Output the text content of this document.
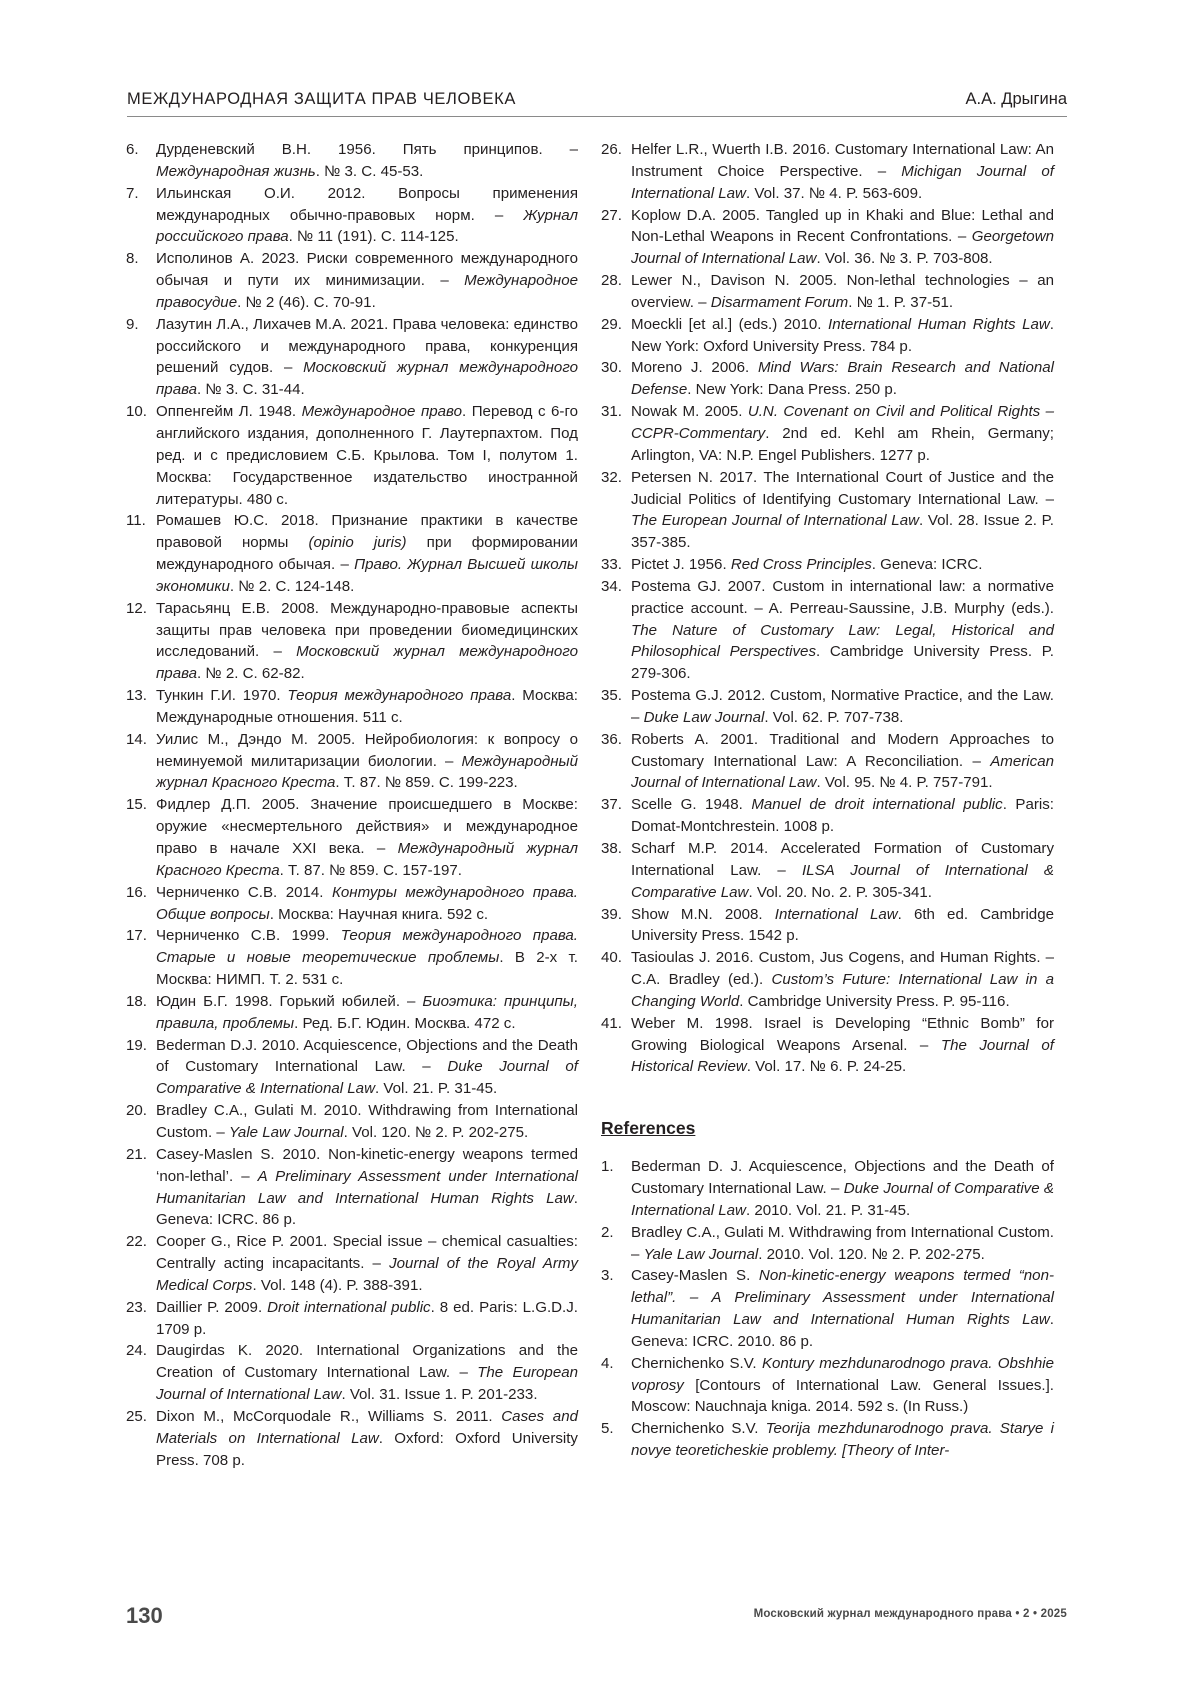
МЕЖДУНАРОДНАЯ ЗАЩИТА ПРАВ ЧЕЛОВЕКА	А.А. Дрыгина
6. Дурденевский В.Н. 1956. Пять принципов. – Международная жизнь. № 3. С. 45-53.
7. Ильинская О.И. 2012. Вопросы применения международных обычно-правовых норм. – Журнал российского права. № 11 (191). С. 114-125.
8. Исполинов А. 2023. Риски современного международного обычая и пути их минимизации. – Международное правосудие. № 2 (46). С. 70-91.
9. Лазутин Л.А., Лихачев М.А. 2021. Права человека: единство российского и международного права, конкуренция решений судов. – Московский журнал международного права. № 3. С. 31-44.
10. Оппенгейм Л. 1948. Международное право. Перевод с 6-го английского издания, дополненного Г. Лаутерпахтом. Под ред. и с предисловием С.Б. Крылова. Том I, полутом 1. Москва: Государственное издательство иностранной литературы. 480 с.
11. Ромашев Ю.С. 2018. Признание практики в качестве правовой нормы (opinio juris) при формировании международного обычая. – Право. Журнал Высшей школы экономики. № 2. С. 124-148.
12. Тарасьянц Е.В. 2008. Международно-правовые аспекты защиты прав человека при проведении биомедицинских исследований. – Московский журнал международного права. № 2. С. 62-82.
13. Тункин Г.И. 1970. Теория международного права. Москва: Международные отношения. 511 с.
14. Уилис М., Дэндо М. 2005. Нейробиология: к вопросу о неминуемой милитаризации биологии. – Международный журнал Красного Креста. Т. 87. № 859. С. 199-223.
15. Фидлер Д.П. 2005. Значение происшедшего в Москве: оружие «несмертельного действия» и международное право в начале XXI века. – Международный журнал Красного Креста. Т. 87. № 859. С. 157-197.
16. Черниченко С.В. 2014. Контуры международного права. Общие вопросы. Москва: Научная книга. 592 с.
17. Черниченко С.В. 1999. Теория международного права. Старые и новые теоретические проблемы. В 2-х т. Москва: НИМП. Т. 2. 531 с.
18. Юдин Б.Г. 1998. Горький юбилей. – Биоэтика: принципы, правила, проблемы. Ред. Б.Г. Юдин. Москва. 472 с.
19. Bederman D.J. 2010. Acquiescence, Objections and the Death of Customary International Law. – Duke Journal of Comparative & International Law. Vol. 21. P. 31-45.
20. Bradley C.A., Gulati M. 2010. Withdrawing from International Custom. – Yale Law Journal. Vol. 120. № 2. P. 202-275.
21. Casey-Maslen S. 2010. Non-kinetic-energy weapons termed ‘non-lethal’. – A Preliminary Assessment under International Humanitarian Law and International Human Rights Law. Geneva: ICRC. 86 p.
22. Cooper G., Rice P. 2001. Special issue – chemical casualties: Centrally acting incapacitants. – Journal of the Royal Army Medical Corps. Vol. 148 (4). P. 388-391.
23. Daillier P. 2009. Droit international public. 8 ed. Paris: L.G.D.J. 1709 p.
24. Daugirdas K. 2020. International Organizations and the Creation of Customary International Law. – The European Journal of International Law. Vol. 31. Issue 1. P. 201-233.
25. Dixon M., McCorquodale R., Williams S. 2011. Cases and Materials on International Law. Oxford: Oxford University Press. 708 p.
26. Helfer L.R., Wuerth I.B. 2016. Customary International Law: An Instrument Choice Perspective. – Michigan Journal of International Law. Vol. 37. № 4. P. 563-609.
27. Koplow D.A. 2005. Tangled up in Khaki and Blue: Lethal and Non-Lethal Weapons in Recent Confrontations. – Georgetown Journal of International Law. Vol. 36. № 3. P. 703-808.
28. Lewer N., Davison N. 2005. Non-lethal technologies – an overview. – Disarmament Forum. № 1. P. 37-51.
29. Moeckli [et al.] (eds.) 2010. International Human Rights Law. New York: Oxford University Press. 784 p.
30. Moreno J. 2006. Mind Wars: Brain Research and National Defense. New York: Dana Press. 250 p.
31. Nowak M. 2005. U.N. Covenant on Civil and Political Rights – CCPR-Commentary. 2nd ed. Kehl am Rhein, Germany; Arlington, VA: N.P. Engel Publishers. 1277 p.
32. Petersen N. 2017. The International Court of Justice and the Judicial Politics of Identifying Customary International Law. – The European Journal of International Law. Vol. 28. Issue 2. P. 357-385.
33. Pictet J. 1956. Red Cross Principles. Geneva: ICRC.
34. Postema GJ. 2007. Custom in international law: a normative practice account. – A. Perreau-Saussine, J.B. Murphy (eds.). The Nature of Customary Law: Legal, Historical and Philosophical Perspectives. Cambridge University Press. P. 279-306.
35. Postema G.J. 2012. Custom, Normative Practice, and the Law. – Duke Law Journal. Vol. 62. P. 707-738.
36. Roberts A. 2001. Traditional and Modern Approaches to Customary International Law: A Reconciliation. – American Journal of International Law. Vol. 95. № 4. P. 757-791.
37. Scelle G. 1948. Manuel de droit international public. Paris: Domat-Montchrestein. 1008 p.
38. Scharf M.P. 2014. Accelerated Formation of Customary International Law. – ILSA Journal of International & Comparative Law. Vol. 20. No. 2. P. 305-341.
39. Show M.N. 2008. International Law. 6th ed. Cambridge University Press. 1542 p.
40. Tasioulas J. 2016. Custom, Jus Cogens, and Human Rights. – C.A. Bradley (ed.). Custom’s Future: International Law in a Changing World. Cambridge University Press. P. 95-116.
41. Weber M. 1998. Israel is Developing “Ethnic Bomb” for Growing Biological Weapons Arsenal. – The Journal of Historical Review. Vol. 17. № 6. P. 24-25.
References
1. Bederman D. J. Acquiescence, Objections and the Death of Customary International Law. – Duke Journal of Comparative & International Law. 2010. Vol. 21. P. 31-45.
2. Bradley C.A., Gulati M. Withdrawing from International Custom. – Yale Law Journal. 2010. Vol. 120. № 2. P. 202-275.
3. Casey-Maslen S. Non-kinetic-energy weapons termed “non-lethal”. – A Preliminary Assessment under International Humanitarian Law and International Human Rights Law. Geneva: ICRC. 2010. 86 p.
4. Chernichenko S.V. Kontury mezhdunarodnogo prava. Obshhie voprosy [Contours of International Law. General Issues.]. Moscow: Nauchnaja kniga. 2014. 592 s. (In Russ.)
5. Chernichenko S.V. Teorija mezhdunarodnogo prava. Starye i novye teoreticheskie problemy. [Theory of Inter-
130	Московский журнал международного права • 2 • 2025
